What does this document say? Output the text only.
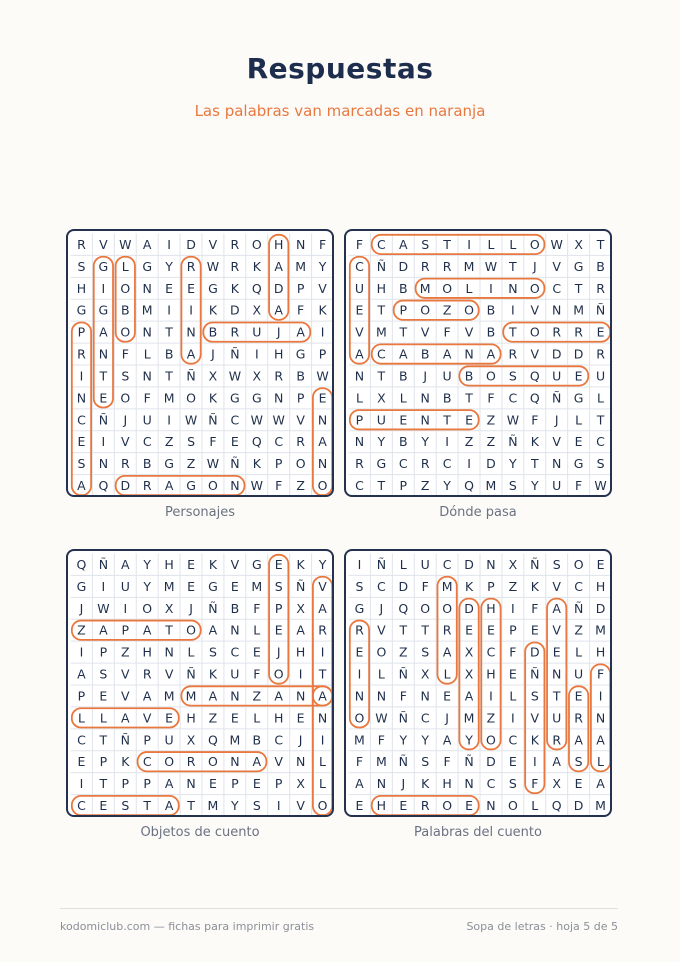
Respuestas
Las palabras van marcadas en naranja
R V W A I D V R O H N F
S G L G Y R W R K A M Y
H I O N E E G K Q D P V
G G B M I I K D X A F K
P A O N T N B R U J A I
R N F L B A J Ñ I H G P
I T S N T Ñ X W X R B W
N E O F M O K G G N P E
C Ñ J U I W Ñ C W W V N
E I V C Z S F E Q C R A
S N R B G Z W Ñ K P O N
A Q D R A G O N W F Z O
Personajes
F C A S T I L L O W X T
C Ñ D R R M W T J V G B
U H B M O L I N O C T R
E T P O Z O B I V N M Ñ
V M T V F V B T O R R E
A C A B A N A R V D D R
N T B J U B O S Q U E U
L X L N B T F C Q Ñ G L
P U E N T E Z W F J L T
N Y B Y I Z Z Ñ K V E C
R G C R C I D Y T N G S
C T P Z Y Q M S Y U F W
Dónde pasa
Q Ñ A Y H E K V G E K Y
G I U Y M E G E M S Ñ V
J W I O X J Ñ B F P X A
Z A P A T O A N L E A R
I P Z H N L S C E J H I
A S V R V Ñ K U F O I T
P E V A M M A N Z A N A
L L A V E H Z E L H E N
C T Ñ P U X Q M B C J I
E P K C O R O N A V N L
I T P P A N E P E P X L
C E S T A T M Y S I V O
Objetos de cuento
I Ñ L U C D N X Ñ S O E
S C D F M K P Z K V C H
G J Q O O D H I F A Ñ D
R V T T R E E P E V Z M
E O Z S A X C F D E L H
I L Ñ X L X H E Ñ N U F
N N F N E A I L S T E I
O W Ñ C J M Z I V U R N
M F Y Y A Y O C K R A A
F M Ñ S F Ñ D E I A S L
A N J K H N C S F X E A
E H E R O E N O L Q D M
Palabras del cuento
kodomiclub.com — fichas para imprimir gratis	Sopa de letras · hoja 5 de 5
